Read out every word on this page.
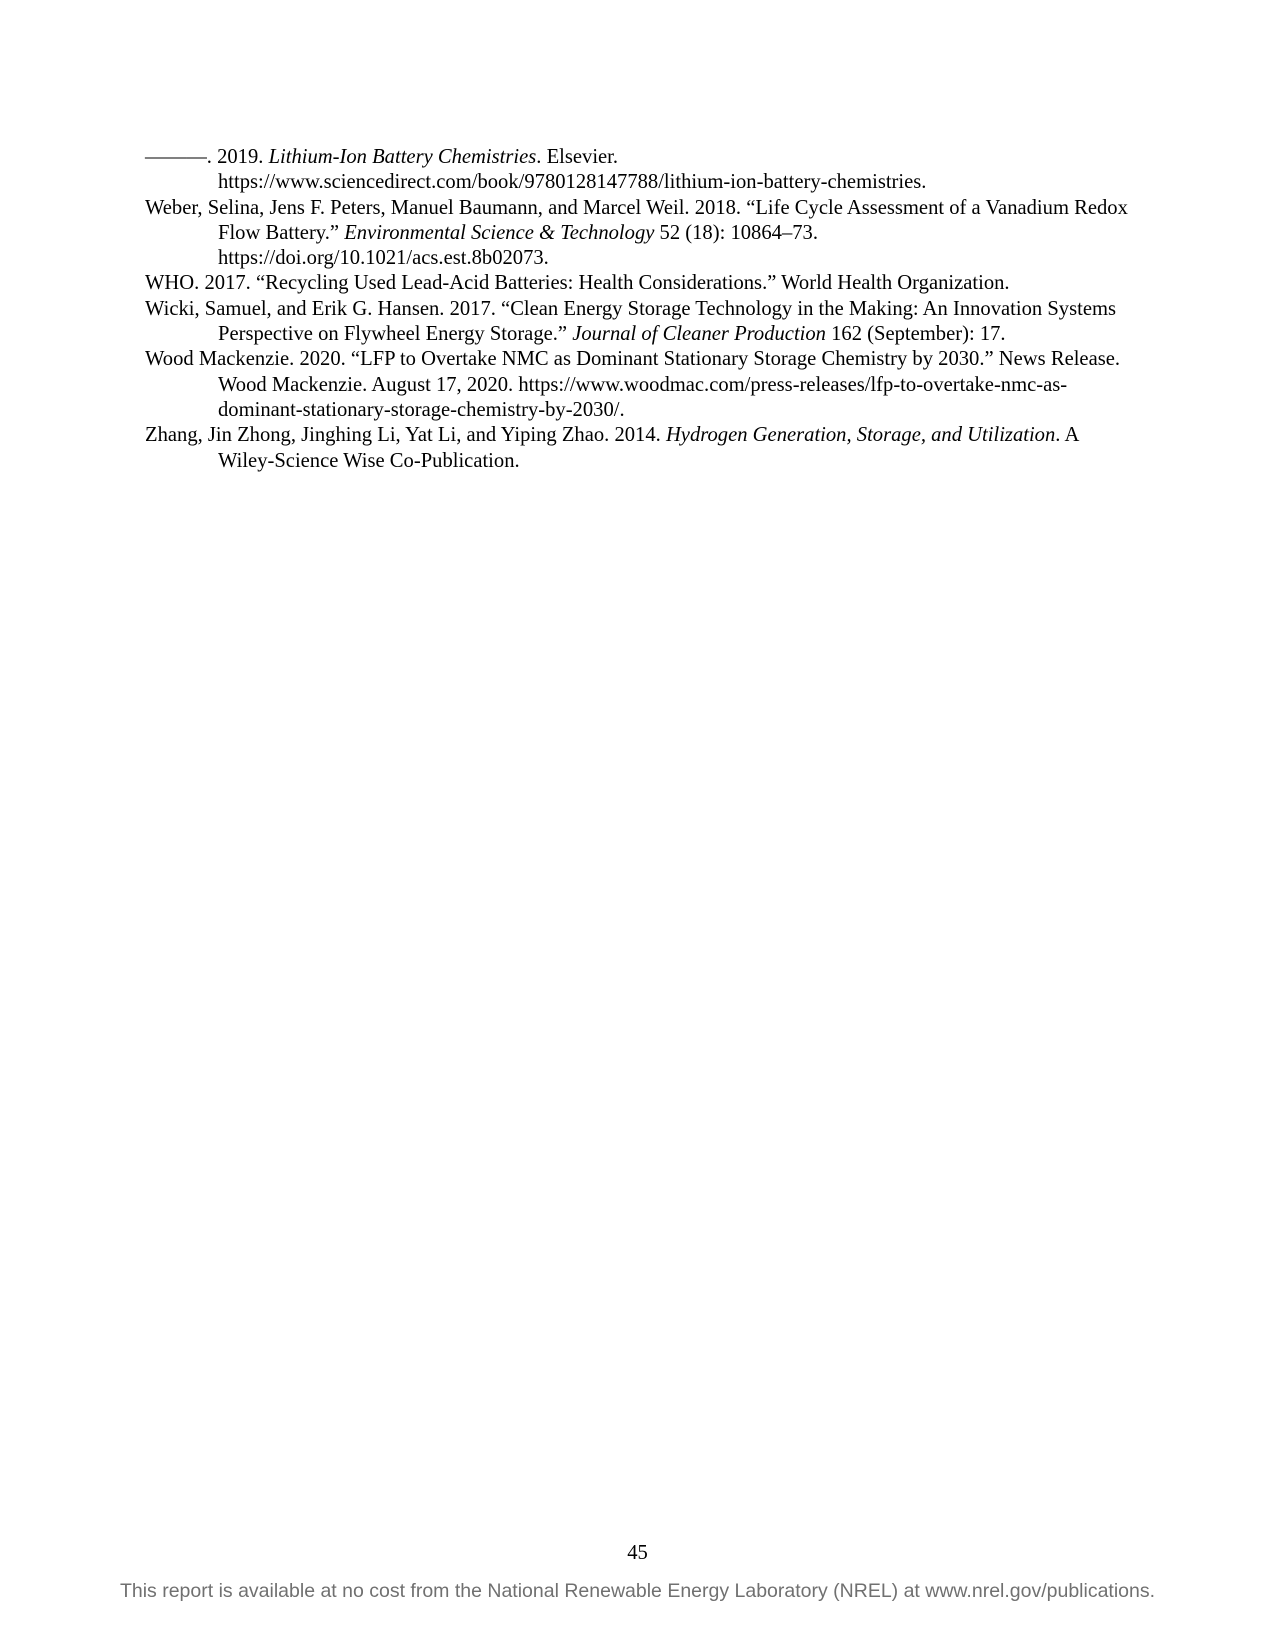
———. 2019. Lithium-Ion Battery Chemistries. Elsevier. https://www.sciencedirect.com/book/9780128147788/lithium-ion-battery-chemistries.

Weber, Selina, Jens F. Peters, Manuel Baumann, and Marcel Weil. 2018. “Life Cycle Assessment of a Vanadium Redox Flow Battery.” Environmental Science & Technology 52 (18): 10864–73. https://doi.org/10.1021/acs.est.8b02073.

WHO. 2017. “Recycling Used Lead-Acid Batteries: Health Considerations.” World Health Organization.

Wicki, Samuel, and Erik G. Hansen. 2017. “Clean Energy Storage Technology in the Making: An Innovation Systems Perspective on Flywheel Energy Storage.” Journal of Cleaner Production 162 (September): 17.

Wood Mackenzie. 2020. “LFP to Overtake NMC as Dominant Stationary Storage Chemistry by 2030.” News Release. Wood Mackenzie. August 17, 2020. https://www.woodmac.com/press-releases/lfp-to-overtake-nmc-as-dominant-stationary-storage-chemistry-by-2030/.

Zhang, Jin Zhong, Jinghing Li, Yat Li, and Yiping Zhao. 2014. Hydrogen Generation, Storage, and Utilization. A Wiley-Science Wise Co-Publication.

45
This report is available at no cost from the National Renewable Energy Laboratory (NREL) at www.nrel.gov/publications.
